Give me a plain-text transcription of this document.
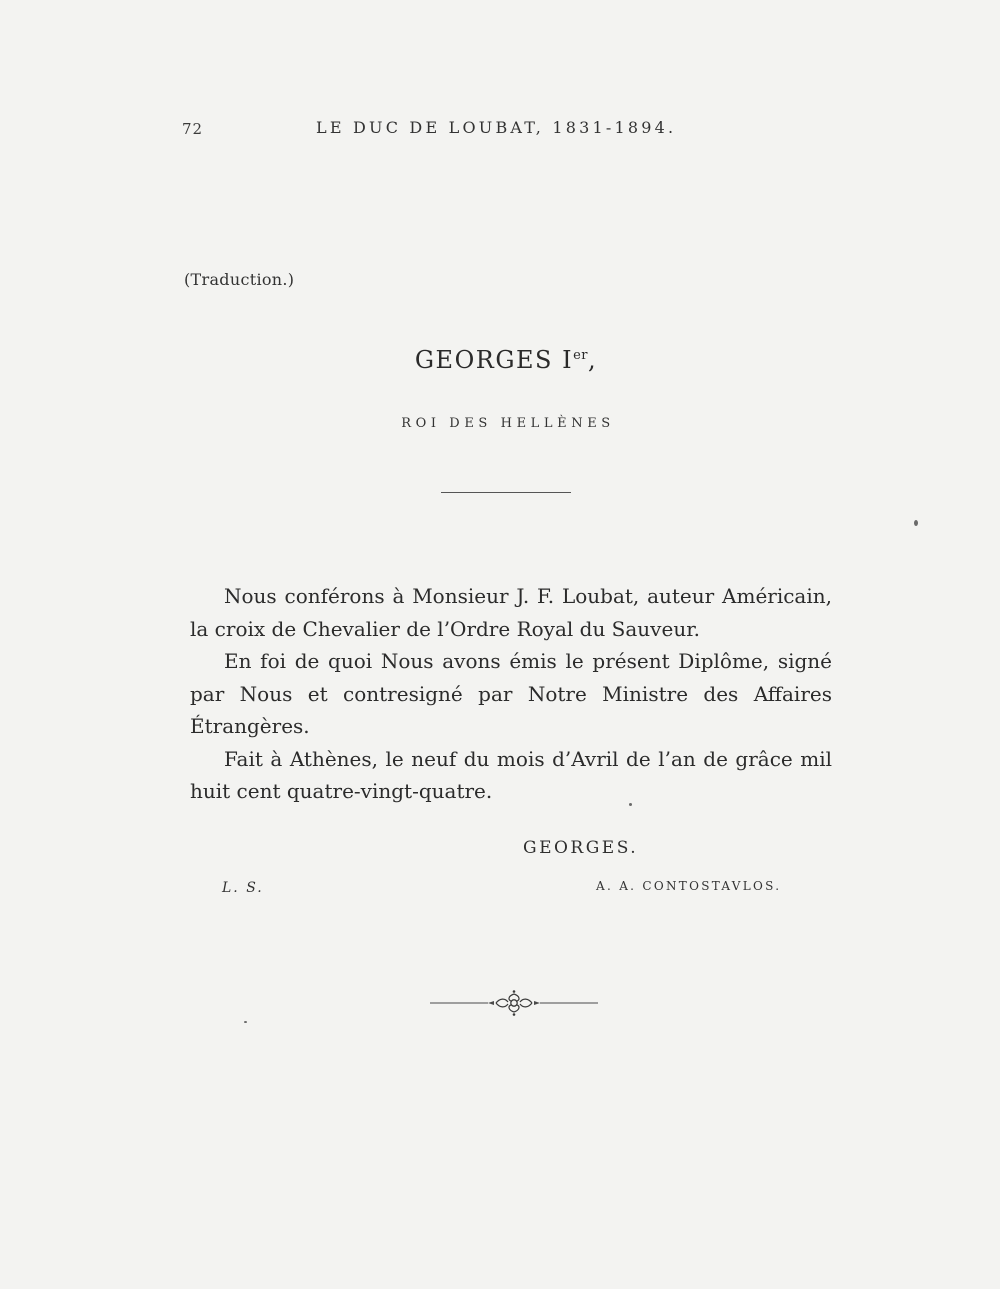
72	LE DUC DE LOUBAT, 1831-1894.
(Traduction.)
GEORGES Ier,
ROI DES HELLÈNES

Nous conférons à Monsieur J. F. Loubat, auteur Américain, la croix de Chevalier de l’Ordre Royal du Sauveur.

En foi de quoi Nous avons émis le présent Diplôme, signé par Nous et contresigné par Notre Ministre des Affaires Étrangères.

Fait à Athènes, le neuf du mois d’Avril de l’an de grâce mil huit cent quatre-vingt-quatre.

GEORGES.
L. S.	A. A. CONTOSTAVLOS.
